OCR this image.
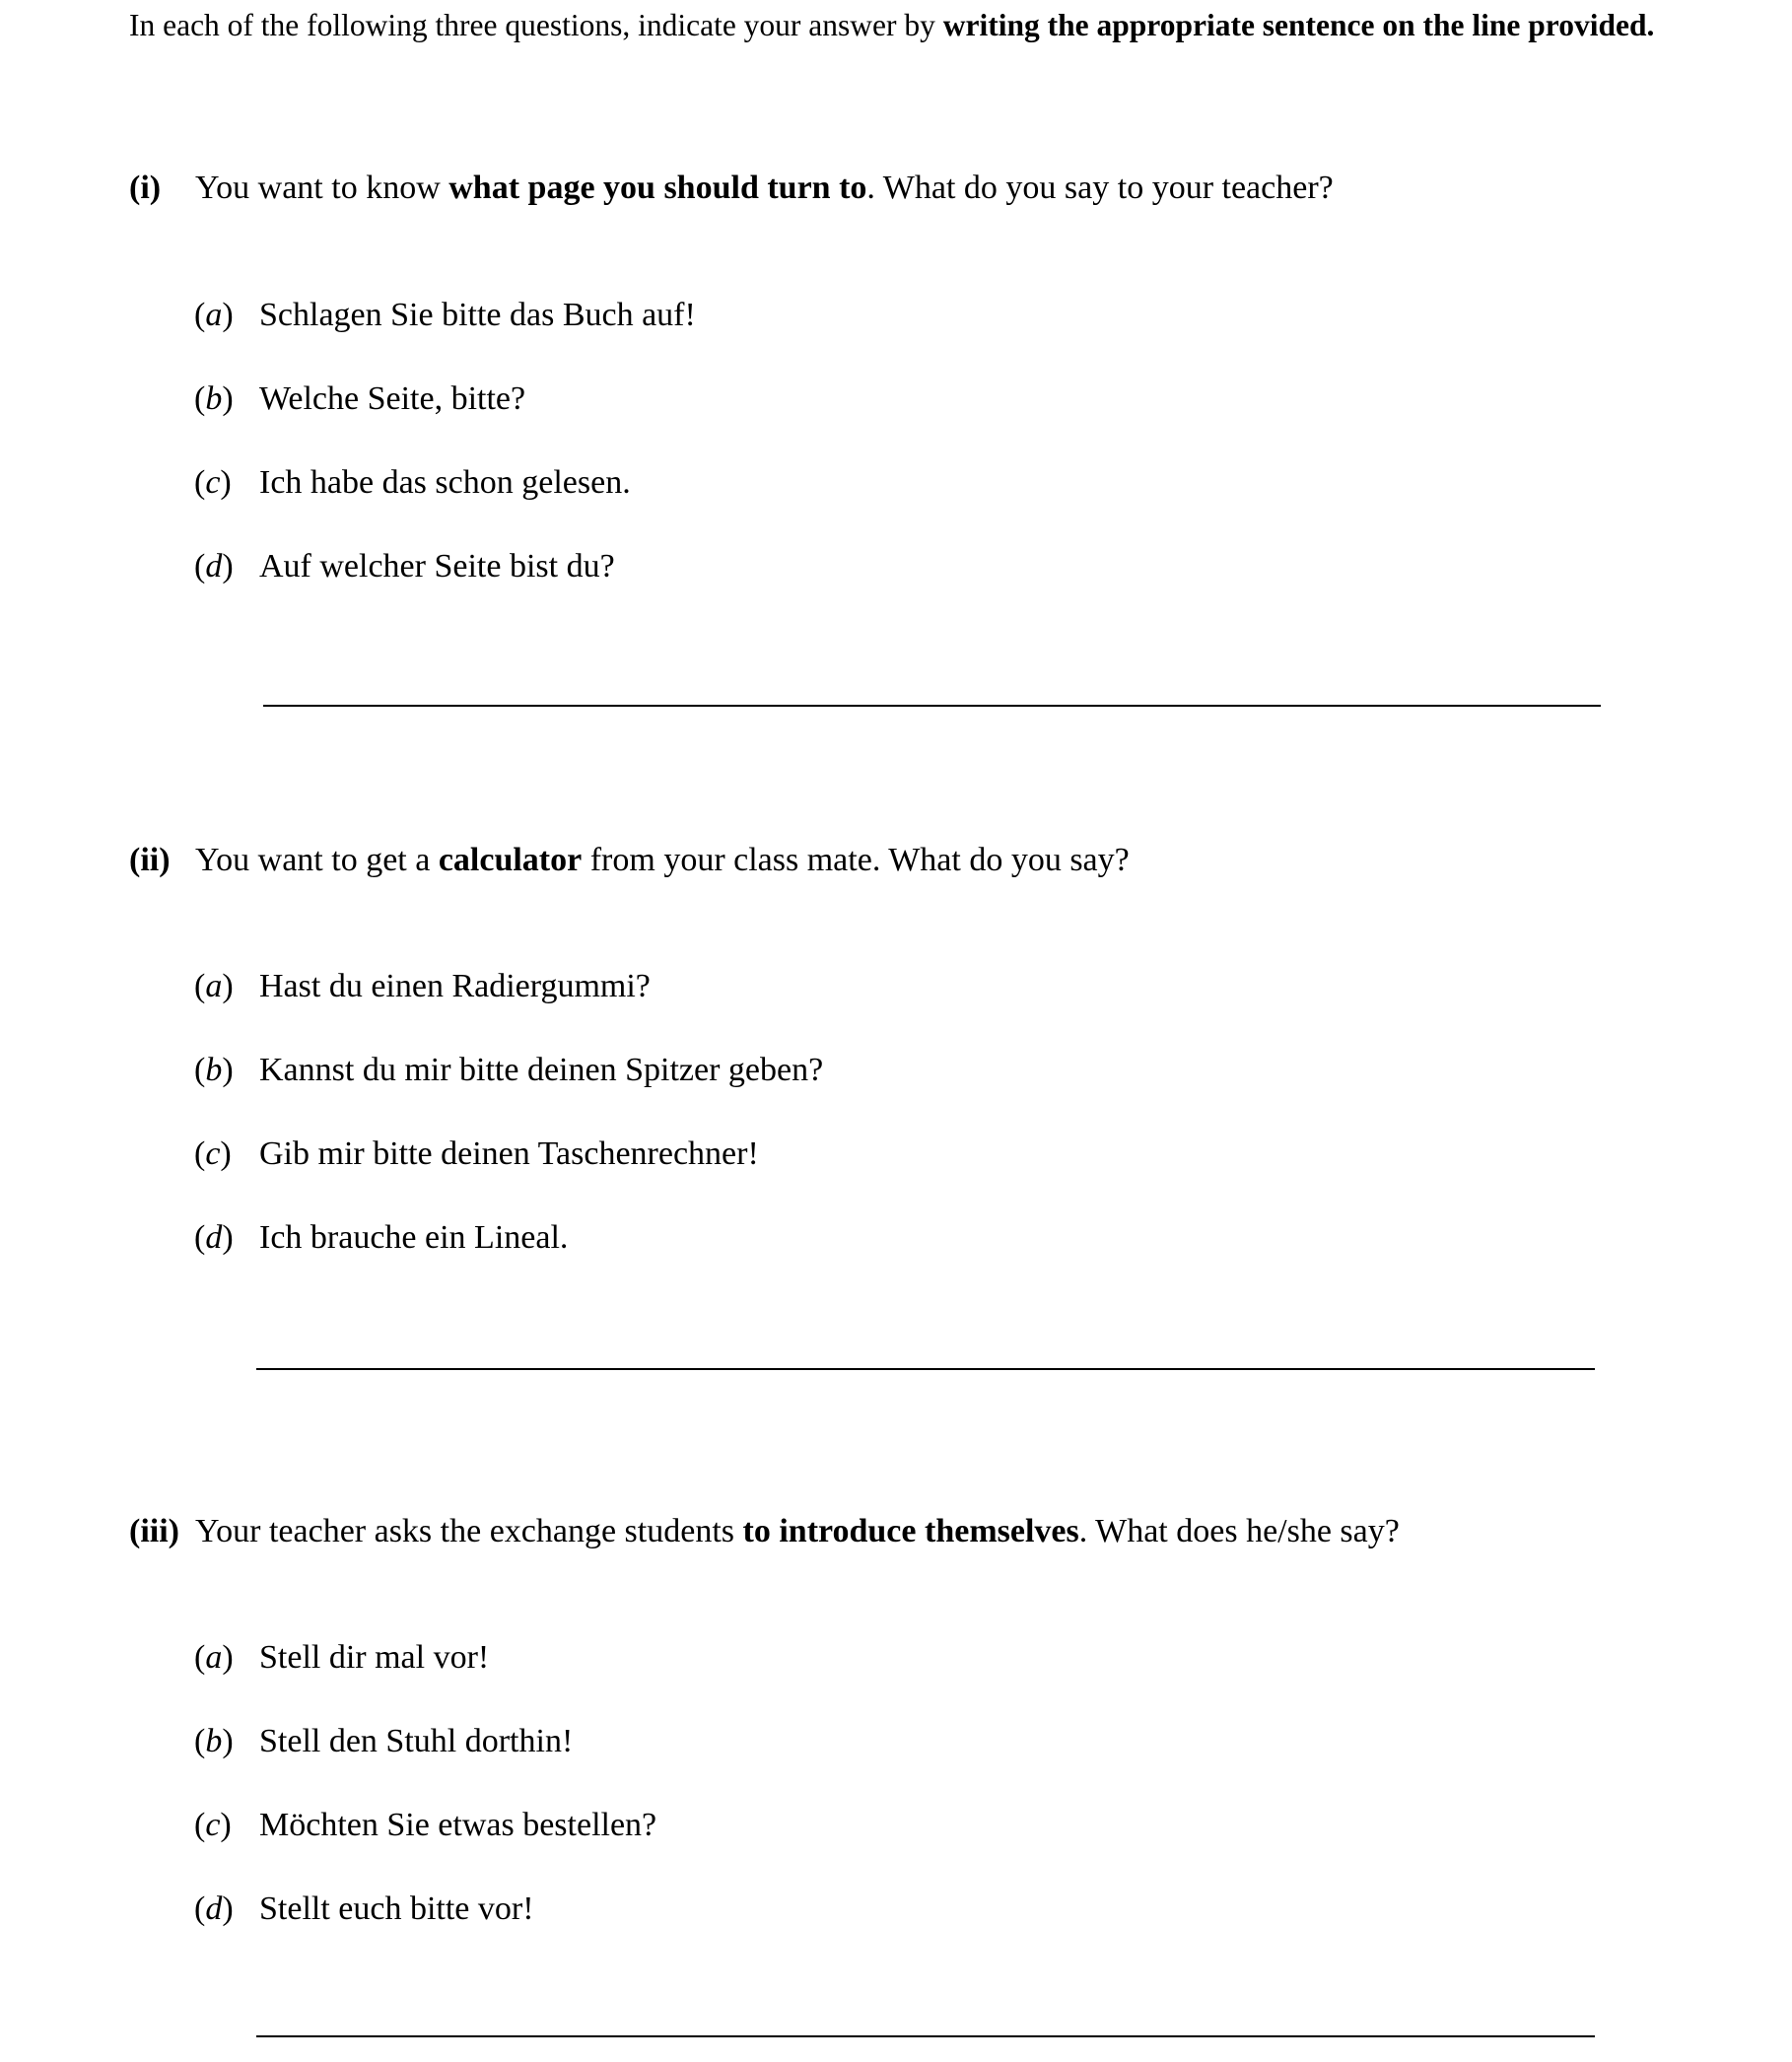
In each of the following three questions, indicate your answer by writing the appropriate sentence on the line provided.
(i) You want to know what page you should turn to. What do you say to your teacher?
(a) Schlagen Sie bitte das Buch auf!
(b) Welche Seite, bitte?
(c) Ich habe das schon gelesen.
(d) Auf welcher Seite bist du?
(ii) You want to get a calculator from your class mate. What do you say?
(a) Hast du einen Radiergummi?
(b) Kannst du mir bitte deinen Spitzer geben?
(c) Gib mir bitte deinen Taschenrechner!
(d) Ich brauche ein Lineal.
(iii) Your teacher asks the exchange students to introduce themselves. What does he/she say?
(a) Stell dir mal vor!
(b) Stell den Stuhl dorthin!
(c) Möchten Sie etwas bestellen?
(d) Stellt euch bitte vor!
